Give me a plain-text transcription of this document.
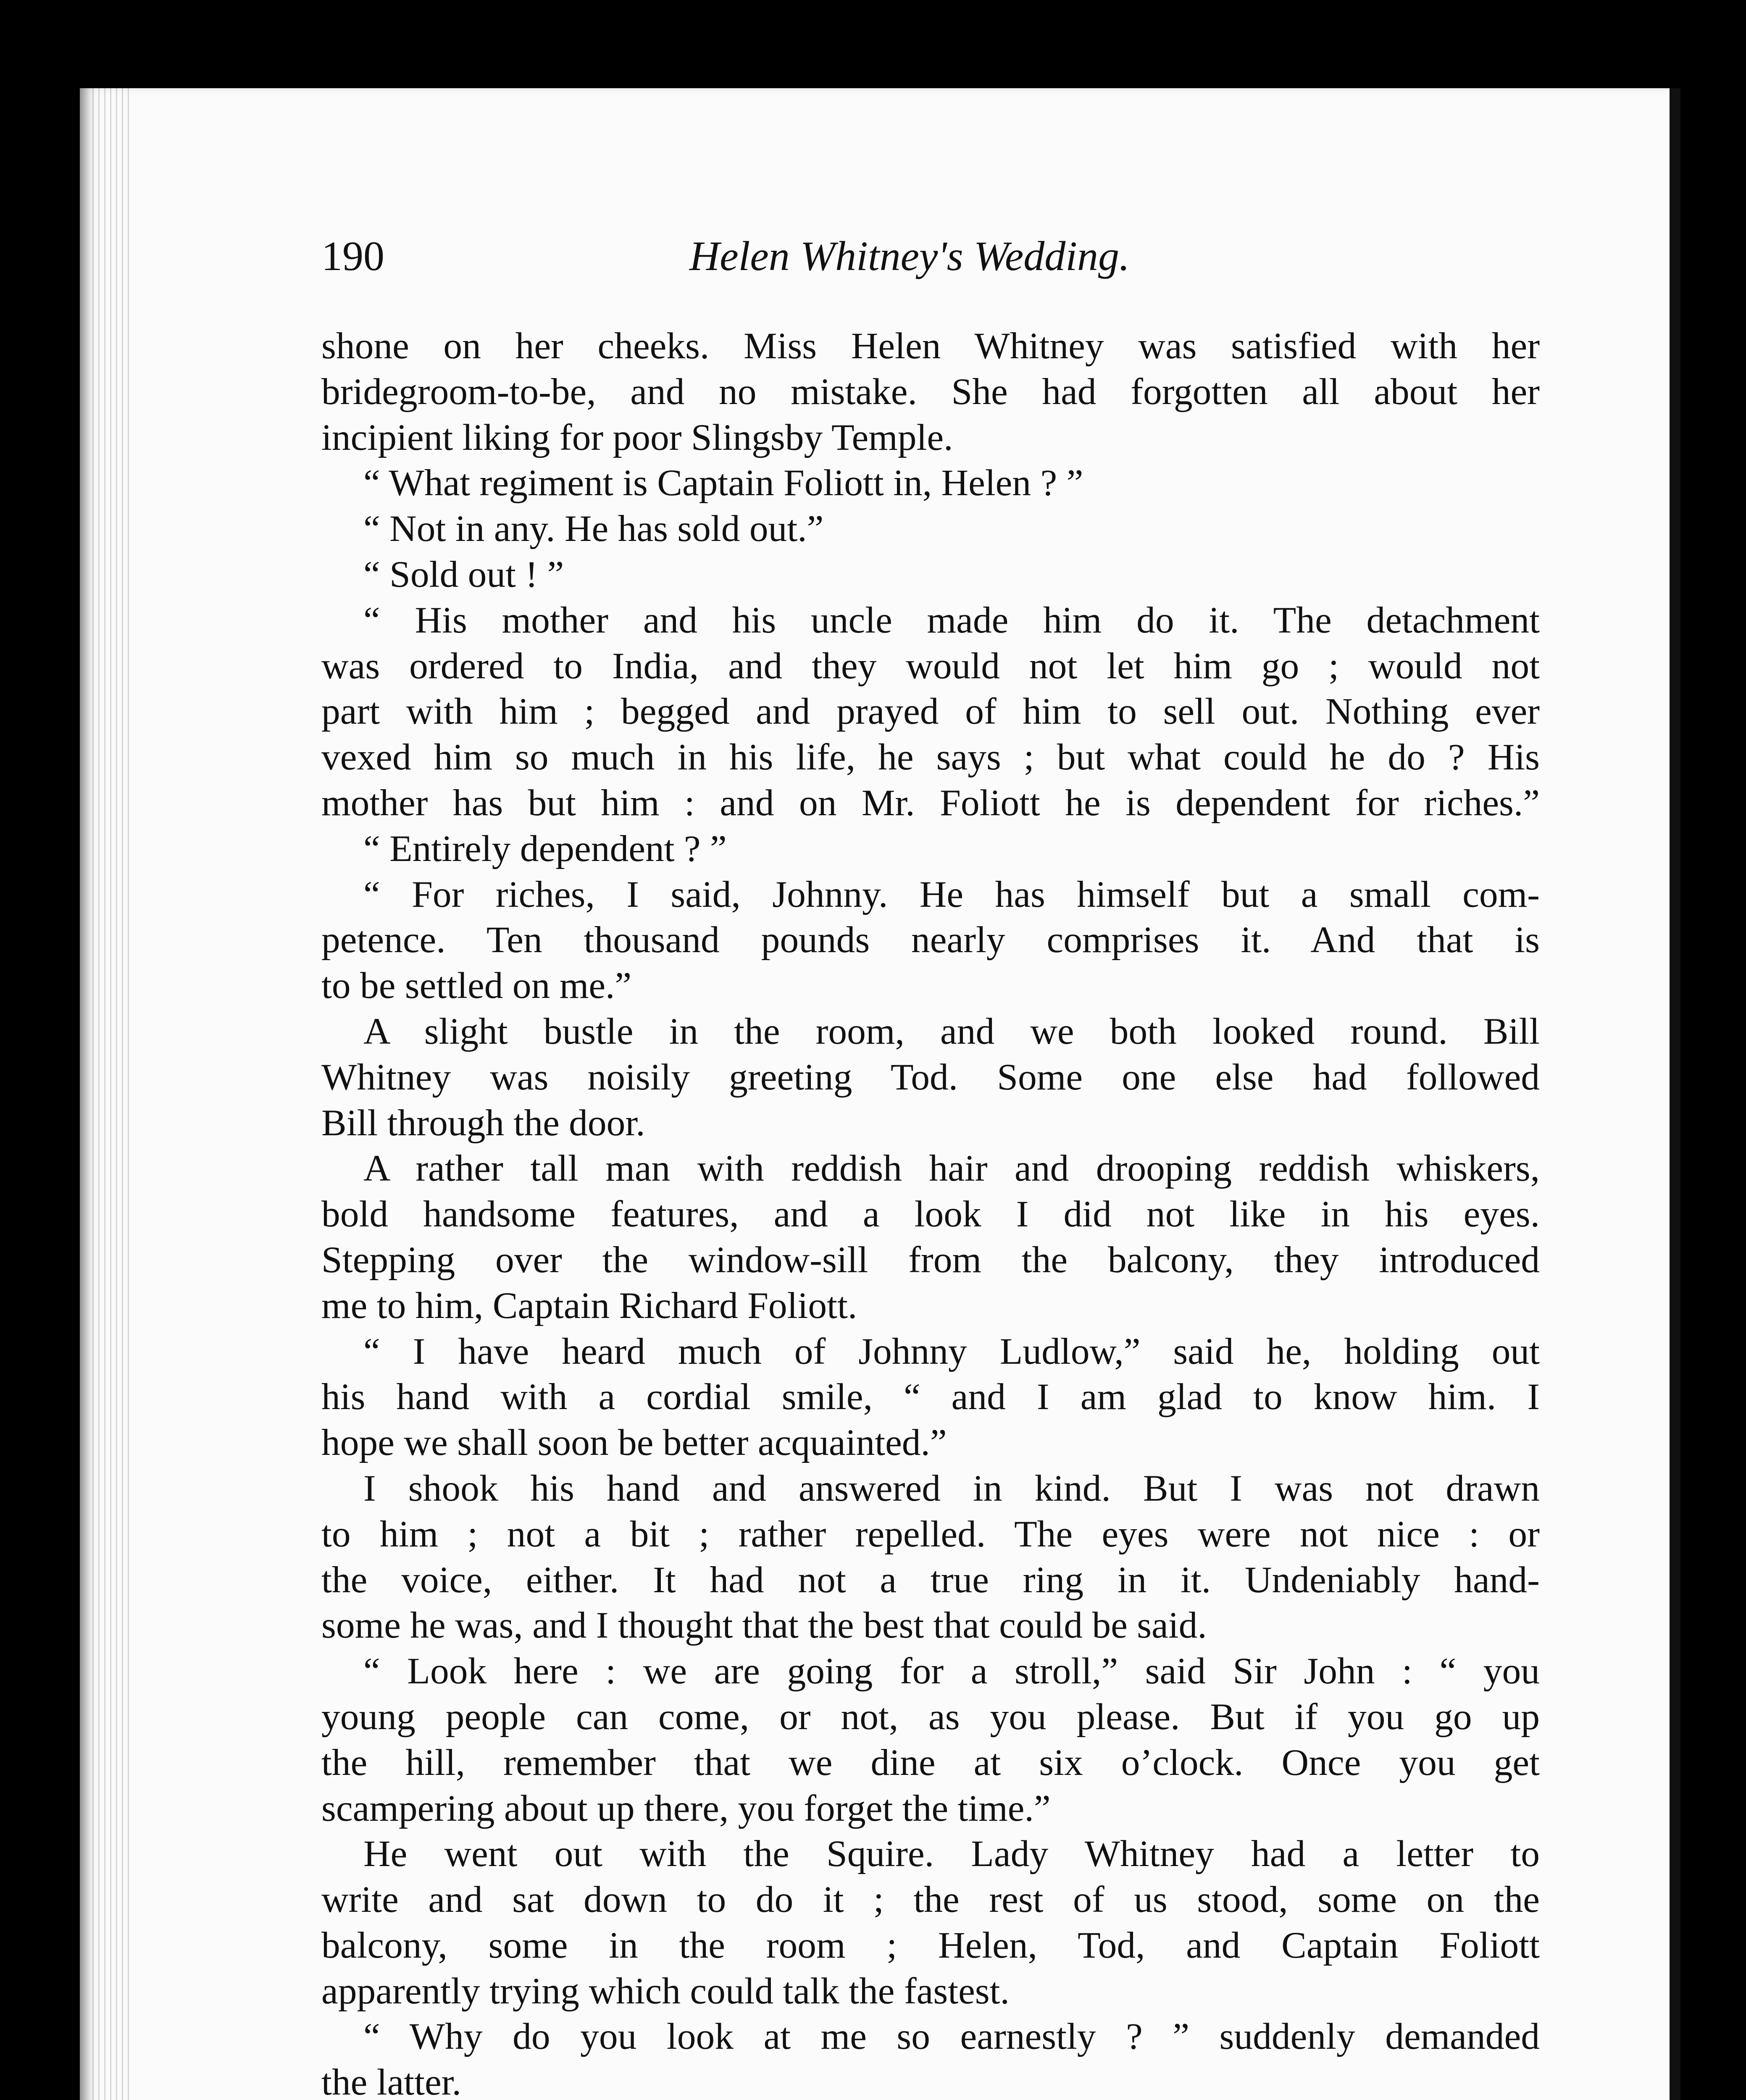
190	Helen Whitney's Wedding.
shone on her cheeks. Miss Helen Whitney was satisfied with her
bridegroom-to-be, and no mistake. She had forgotten all about her
incipient liking for poor Slingsby Temple.
“ What regiment is Captain Foliott in, Helen ? ”
“ Not in any. He has sold out.”
“ Sold out ! ”
“ His mother and his uncle made him do it. The detachment
was ordered to India, and they would not let him go ; would not
part with him ; begged and prayed of him to sell out. Nothing ever
vexed him so much in his life, he says ; but what could he do ? His
mother has but him : and on Mr. Foliott he is dependent for riches.”
“ Entirely dependent ? ”
“ For riches, I said, Johnny. He has himself but a small com-
petence. Ten thousand pounds nearly comprises it. And that is
to be settled on me.”
A slight bustle in the room, and we both looked round. Bill
Whitney was noisily greeting Tod. Some one else had followed
Bill through the door.
A rather tall man with reddish hair and drooping reddish whiskers,
bold handsome features, and a look I did not like in his eyes.
Stepping over the window-sill from the balcony, they introduced
me to him, Captain Richard Foliott.
“ I have heard much of Johnny Ludlow,” said he, holding out
his hand with a cordial smile, “ and I am glad to know him. I
hope we shall soon be better acquainted.”
I shook his hand and answered in kind. But I was not drawn
to him ; not a bit ; rather repelled. The eyes were not nice : or
the voice, either. It had not a true ring in it. Undeniably hand-
some he was, and I thought that the best that could be said.
“ Look here : we are going for a stroll,” said Sir John : “ you
young people can come, or not, as you please. But if you go up
the hill, remember that we dine at six o’clock. Once you get
scampering about up there, you forget the time.”
He went out with the Squire. Lady Whitney had a letter to
write and sat down to do it ; the rest of us stood, some on the
balcony, some in the room ; Helen, Tod, and Captain Foliott
apparently trying which could talk the fastest.
“ Why do you look at me so earnestly ? ” suddenly demanded
the latter.
